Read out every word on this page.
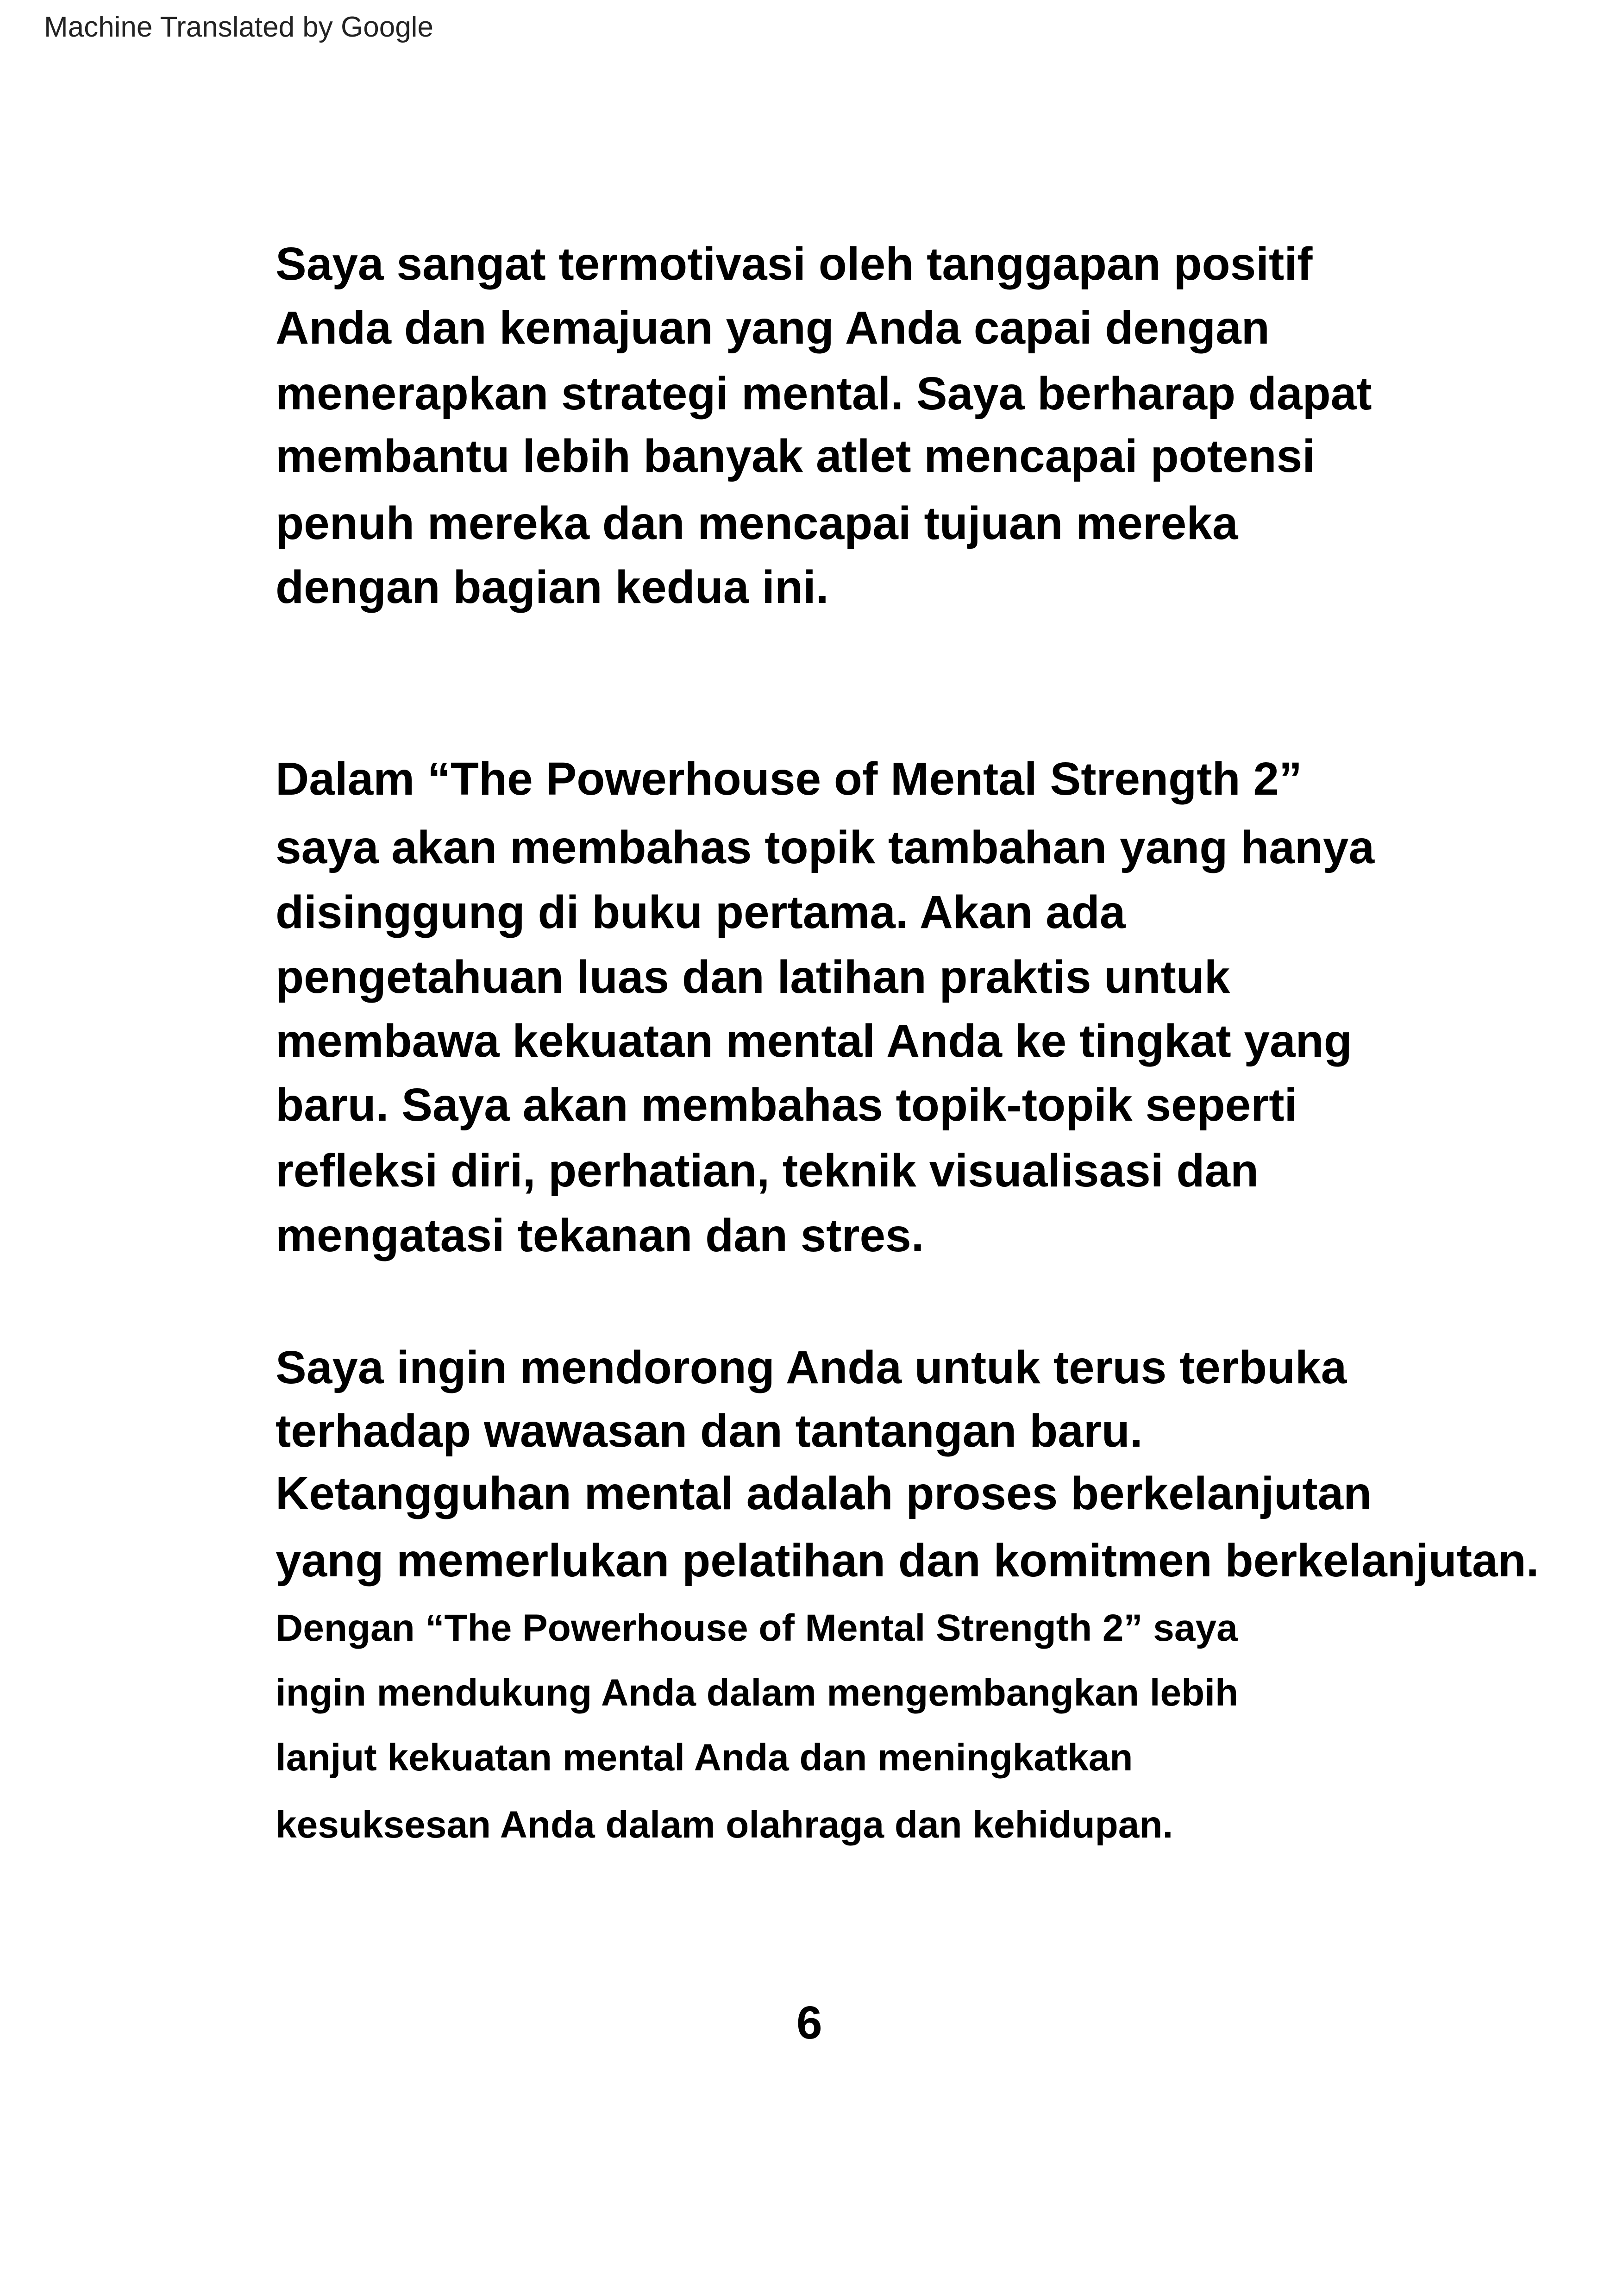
Machine Translated by Google
Saya sangat termotivasi oleh tanggapan positif
Anda dan kemajuan yang Anda capai dengan
menerapkan strategi mental. Saya berharap dapat
membantu lebih banyak atlet mencapai potensi
penuh mereka dan mencapai tujuan mereka
dengan bagian kedua ini.
Dalam “The Powerhouse of Mental Strength 2”
saya akan membahas topik tambahan yang hanya
disinggung di buku pertama. Akan ada
pengetahuan luas dan latihan praktis untuk
membawa kekuatan mental Anda ke tingkat yang
baru. Saya akan membahas topik-topik seperti
refleksi diri, perhatian, teknik visualisasi dan
mengatasi tekanan dan stres.
Saya ingin mendorong Anda untuk terus terbuka
terhadap wawasan dan tantangan baru.
Ketangguhan mental adalah proses berkelanjutan
yang memerlukan pelatihan dan komitmen berkelanjutan.
Dengan “The Powerhouse of Mental Strength 2” saya
ingin mendukung Anda dalam mengembangkan lebih
lanjut kekuatan mental Anda dan meningkatkan
kesuksesan Anda dalam olahraga dan kehidupan.
6
